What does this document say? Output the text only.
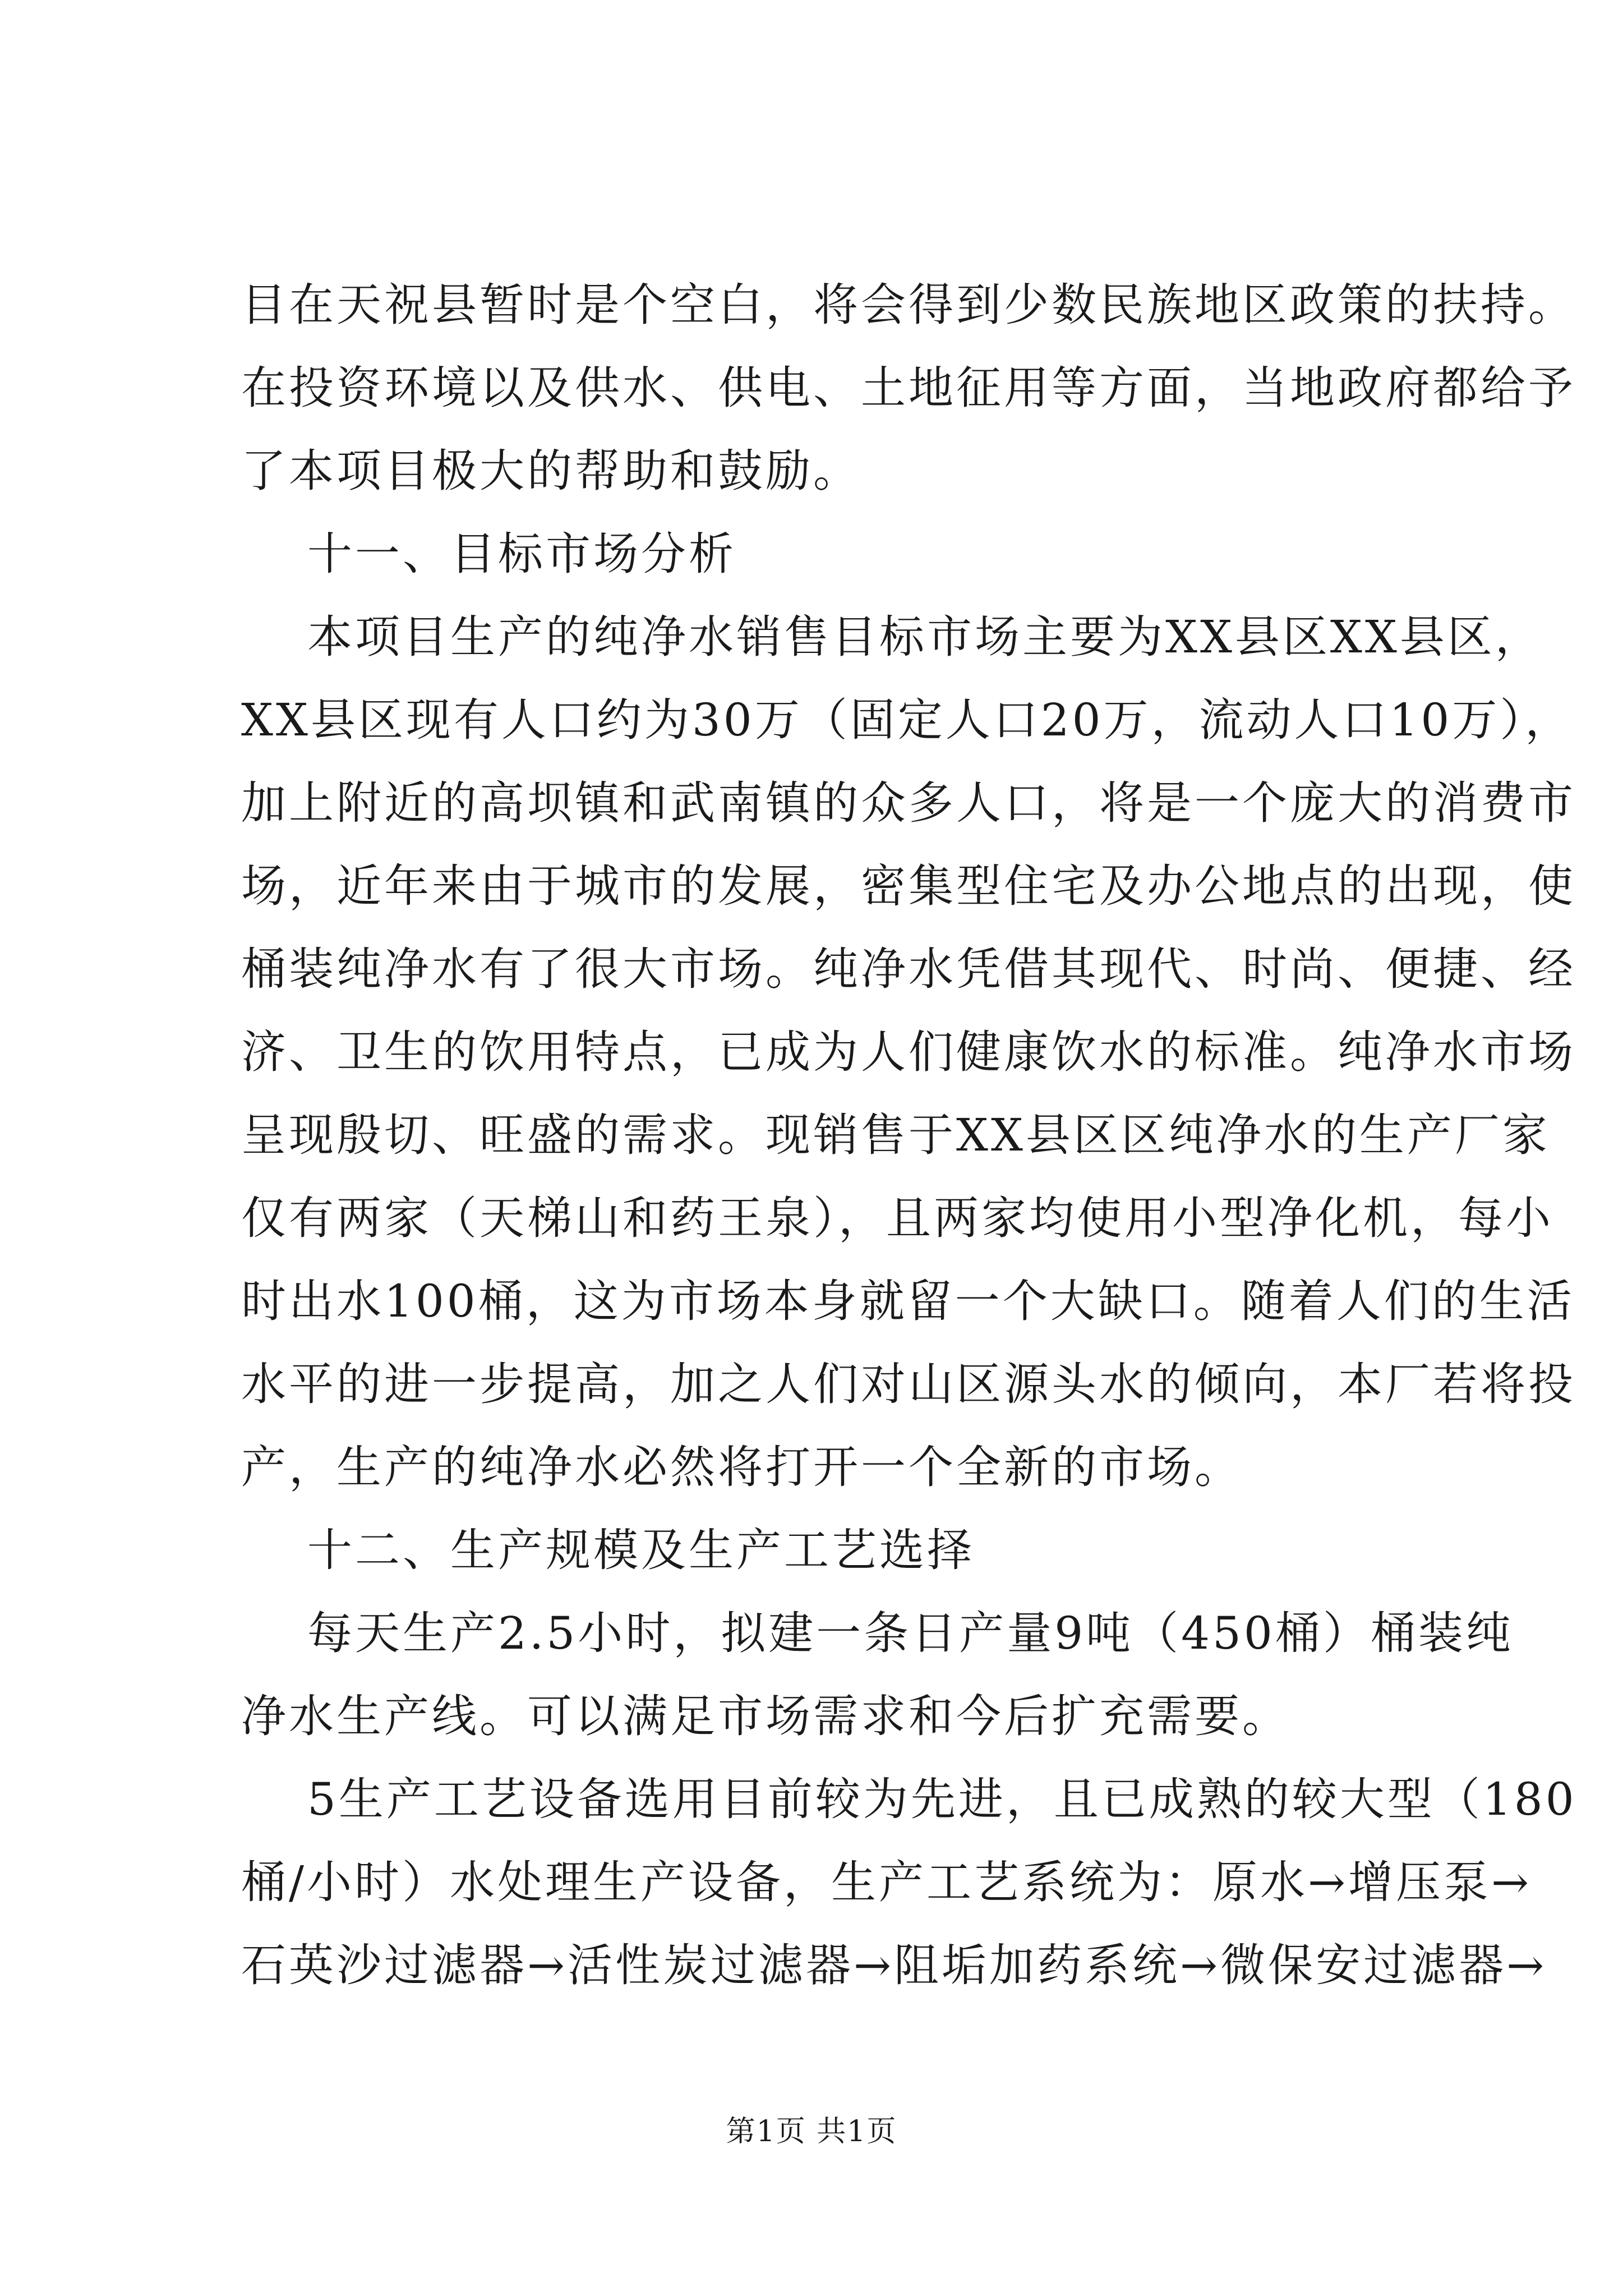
目在天祝县暂时是个空白，将会得到少数民族地区政策的扶持。
在投资环境以及供水、供电、土地征用等方面，当地政府都给予
了本项目极大的帮助和鼓励。
十一、目标市场分析
本项目生产的纯净水销售目标市场主要为XX县区XX县区，
XX县区现有人口约为30万（固定人口20万，流动人口10万），
加上附近的高坝镇和武南镇的众多人口，将是一个庞大的消费市
场，近年来由于城市的发展，密集型住宅及办公地点的出现，使
桶装纯净水有了很大市场。纯净水凭借其现代、时尚、便捷、经
济、卫生的饮用特点，已成为人们健康饮水的标准。纯净水市场
呈现殷切、旺盛的需求。现销售于XX县区区纯净水的生产厂家
仅有两家（天梯山和药王泉），且两家均使用小型净化机，每小
时出水100桶，这为市场本身就留一个大缺口。随着人们的生活
水平的进一步提高，加之人们对山区源头水的倾向，本厂若将投
产，生产的纯净水必然将打开一个全新的市场。
十二、生产规模及生产工艺选择
每天生产2.5小时，拟建一条日产量9吨（450桶）桶装纯
净水生产线。可以满足市场需求和今后扩充需要。
5生产工艺设备选用目前较为先进，且已成熟的较大型（180
桶/小时）水处理生产设备，生产工艺系统为：原水→增压泵→
石英沙过滤器→活性炭过滤器→阻垢加药系统→微保安过滤器→
第1页 共1页
